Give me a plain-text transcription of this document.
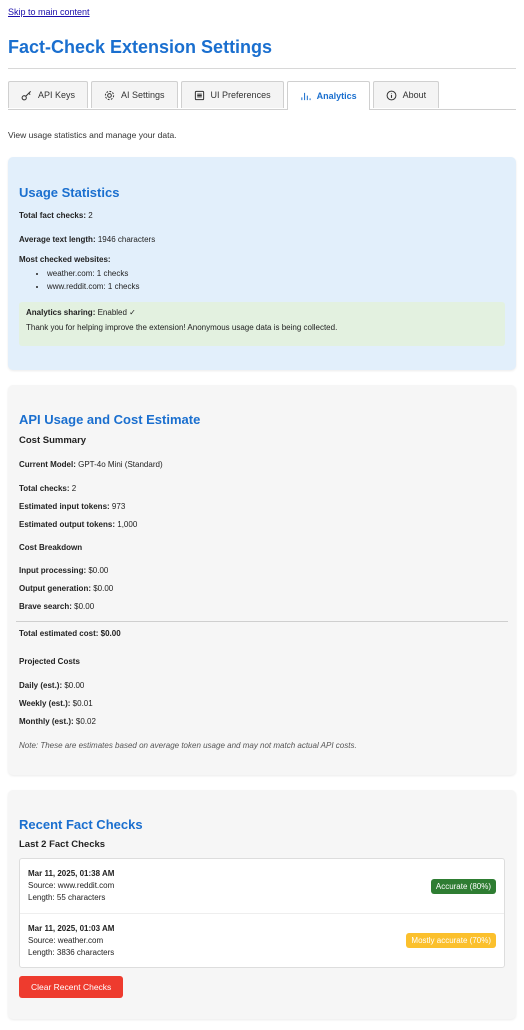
Skip to main content
Fact-Check Extension Settings
API Keys	AI Settings	UI Preferences	Analytics	About
View usage statistics and manage your data.
Usage Statistics
Total fact checks: 2
Average text length: 1946 characters
Most checked websites:
• weather.com: 1 checks
• www.reddit.com: 1 checks
Analytics sharing: Enabled ✓
Thank you for helping improve the extension! Anonymous usage data is being collected.
API Usage and Cost Estimate
Cost Summary
Current Model: GPT-4o Mini (Standard)
Total checks: 2
Estimated input tokens: 973
Estimated output tokens: 1,000
Cost Breakdown
Input processing: $0.00
Output generation: $0.00
Brave search: $0.00
Total estimated cost: $0.00
Projected Costs
Daily (est.): $0.00
Weekly (est.): $0.01
Monthly (est.): $0.02
Note: These are estimates based on average token usage and may not match actual API costs.
Recent Fact Checks
Last 2 Fact Checks
Mar 11, 2025, 01:38 AM
Source: www.reddit.com
Length: 55 characters
Accurate (80%)
Mar 11, 2025, 01:03 AM
Source: weather.com
Length: 3836 characters
Mostly accurate (70%)
Clear Recent Checks
